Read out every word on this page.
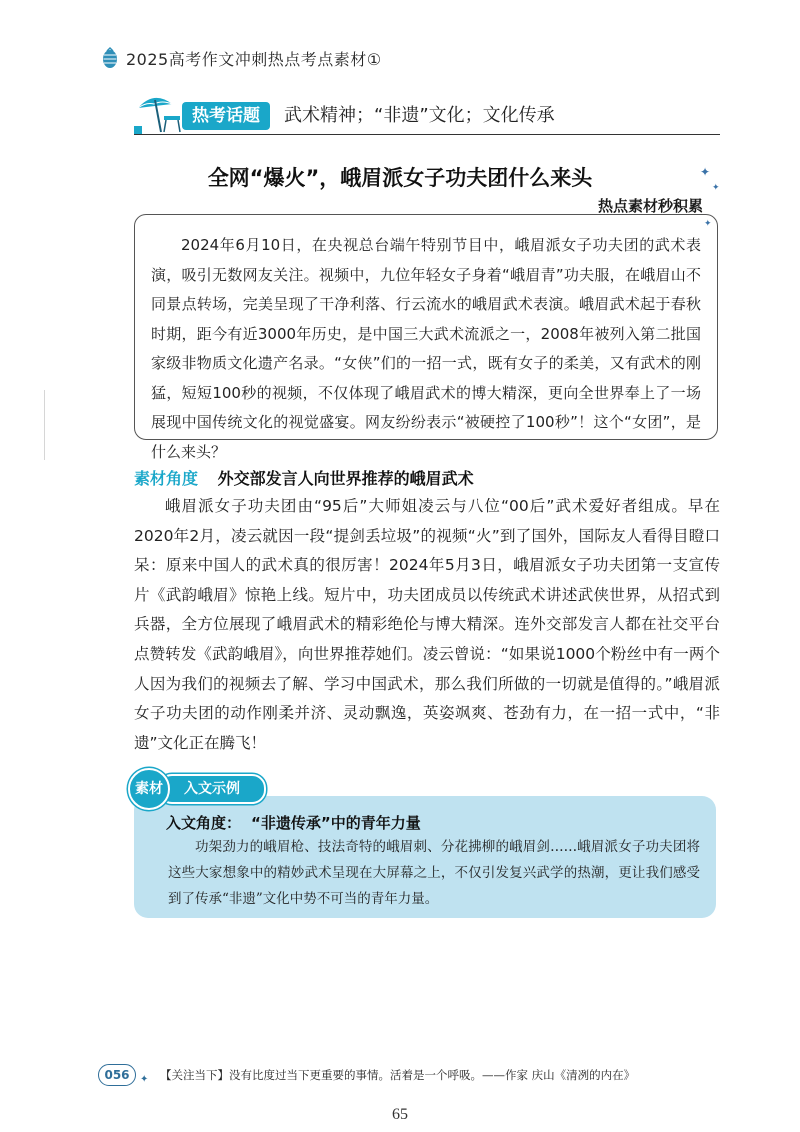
2025高考作文冲刺热点考点素材①
热考话题	武术精神；“非遗”文化；文化传承
全网“爆火”，峨眉派女子功夫团什么来头	✦
✦
✦
热点素材秒积累

2024年6月10日，在央视总台端午特别节目中，峨眉派女子功夫团的武术表演，吸引无数网友关注。视频中，九位年轻女子身着“峨眉青”功夫服，在峨眉山不同景点转场，完美呈现了干净利落、行云流水的峨眉武术表演。峨眉武术起于春秋时期，距今有近3000年历史，是中国三大武术流派之一，2008年被列入第二批国家级非物质文化遗产名录。“女侠”们的一招一式，既有女子的柔美，又有武术的刚猛，短短100秒的视频，不仅体现了峨眉武术的博大精深，更向全世界奉上了一场展现中国传统文化的视觉盛宴。网友纷纷表示“被硬控了100秒”！这个“女团”，是什么来头？

素材角度 外交部发言人向世界推荐的峨眉武术

峨眉派女子功夫团由“95后”大师姐凌云与八位“00后”武术爱好者组成。早在2020年2月，凌云就因一段“提剑丢垃圾”的视频“火”到了国外，国际友人看得目瞪口呆：原来中国人的武术真的很厉害！2024年5月3日，峨眉派女子功夫团第一支宣传片《武韵峨眉》惊艳上线。短片中，功夫团成员以传统武术讲述武侠世界，从招式到兵器，全方位展现了峨眉武术的精彩绝伦与博大精深。连外交部发言人都在社交平台点赞转发《武韵峨眉》，向世界推荐她们。凌云曾说：“如果说1000个粉丝中有一两个人因为我们的视频去了解、学习中国武术，那么我们所做的一切就是值得的。”峨眉派女子功夫团的动作刚柔并济、灵动飘逸，英姿飒爽、苍劲有力，在一招一式中，“非遗”文化正在腾飞！

入文示例
素材
入文角度： “非遗传承”中的青年力量

功架劲力的峨眉枪、技法奇特的峨眉刺、分花拂柳的峨眉剑……峨眉派女子功夫团将这些大家想象中的精妙武术呈现在大屏幕之上，不仅引发复兴武学的热潮，更让我们感受到了传承“非遗”文化中势不可当的青年力量。

056	【关注当下】没有比度过当下更重要的事情。活着是一个呼吸。——作家 庆山《清冽的内在》
✦
65
